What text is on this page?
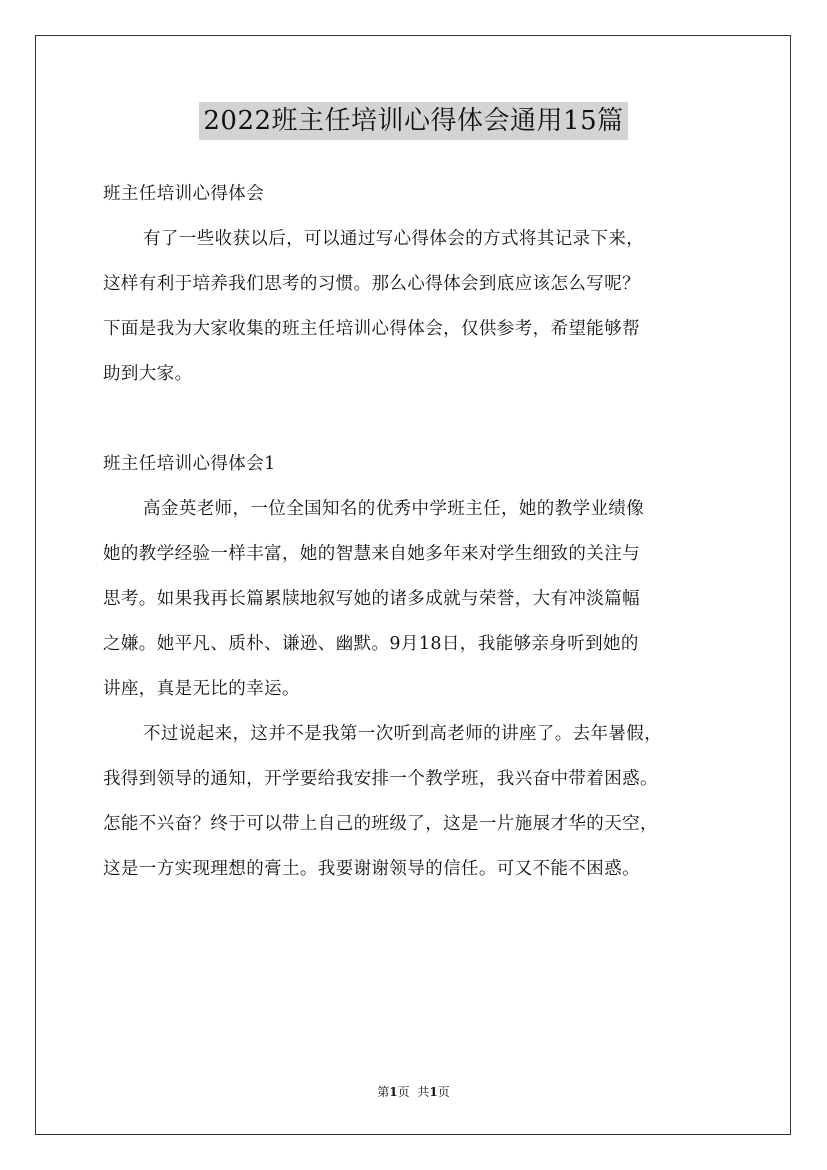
2022班主任培训心得体会通用15篇
班主任培训心得体会
有了一些收获以后，可以通过写心得体会的方式将其记录下来，
这样有利于培养我们思考的习惯。那么心得体会到底应该怎么写呢？
下面是我为大家收集的班主任培训心得体会，仅供参考，希望能够帮
助到大家。
班主任培训心得体会1
高金英老师，一位全国知名的优秀中学班主任，她的教学业绩像
她的教学经验一样丰富，她的智慧来自她多年来对学生细致的关注与
思考。如果我再长篇累牍地叙写她的诸多成就与荣誉，大有冲淡篇幅
之嫌。她平凡、质朴、谦逊、幽默。9月18日，我能够亲身听到她的
讲座，真是无比的幸运。
不过说起来，这并不是我第一次听到高老师的讲座了。去年暑假，
我得到领导的通知，开学要给我安排一个教学班，我兴奋中带着困惑。
怎能不兴奋？终于可以带上自己的班级了，这是一片施展才华的天空，
这是一方实现理想的膏土。我要谢谢领导的信任。可又不能不困惑。
第1页 共1页
